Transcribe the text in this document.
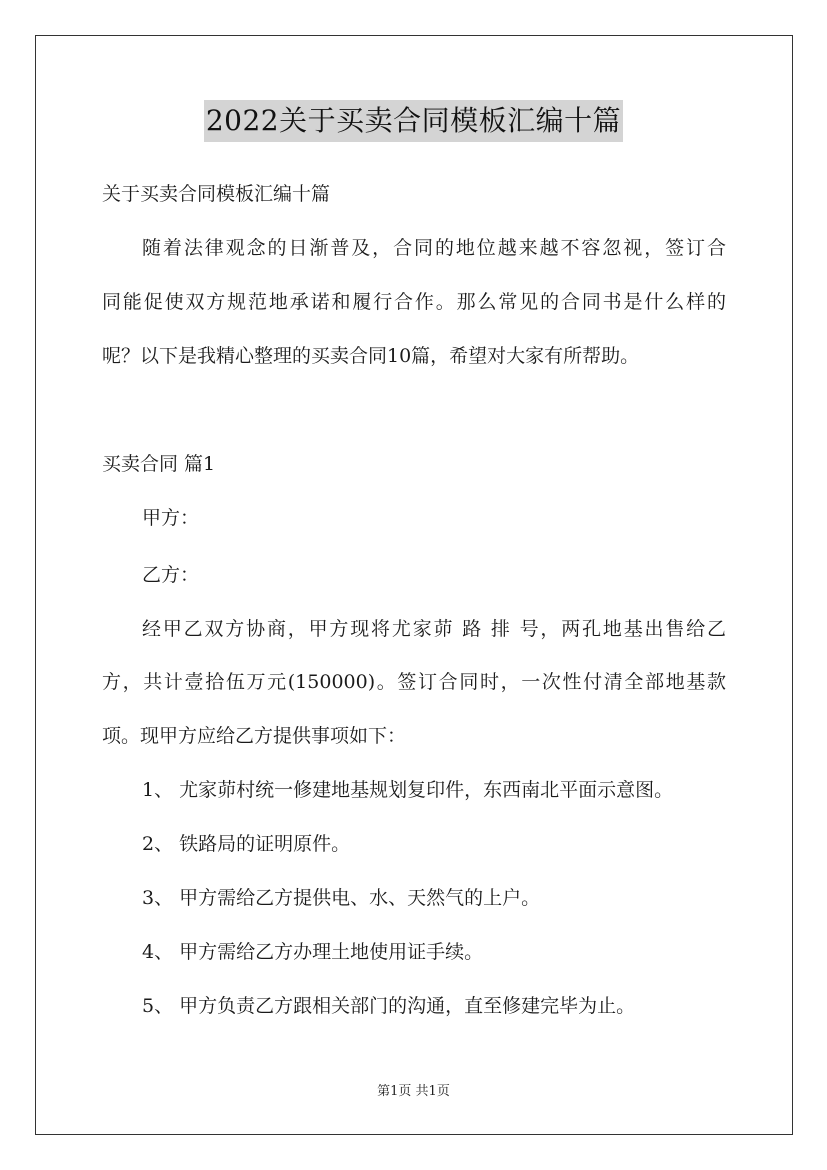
2022关于买卖合同模板汇编十篇
关于买卖合同模板汇编十篇
随着法律观念的日渐普及，合同的地位越来越不容忽视，签订合
同能促使双方规范地承诺和履行合作。那么常见的合同书是什么样的
呢？以下是我精心整理的买卖合同10篇，希望对大家有所帮助。
买卖合同 篇1
甲方：
乙方：
经甲乙双方协商，甲方现将尤家茆 路 排 号，两孔地基出售给乙
方，共计壹拾伍万元(150000)。签订合同时，一次性付清全部地基款
项。现甲方应给乙方提供事项如下：
1、 尤家茆村统一修建地基规划复印件，东西南北平面示意图。
2、 铁路局的证明原件。
3、 甲方需给乙方提供电、水、天然气的上户。
4、 甲方需给乙方办理土地使用证手续。
5、 甲方负责乙方跟相关部门的沟通，直至修建完毕为止。
第1页 共1页
